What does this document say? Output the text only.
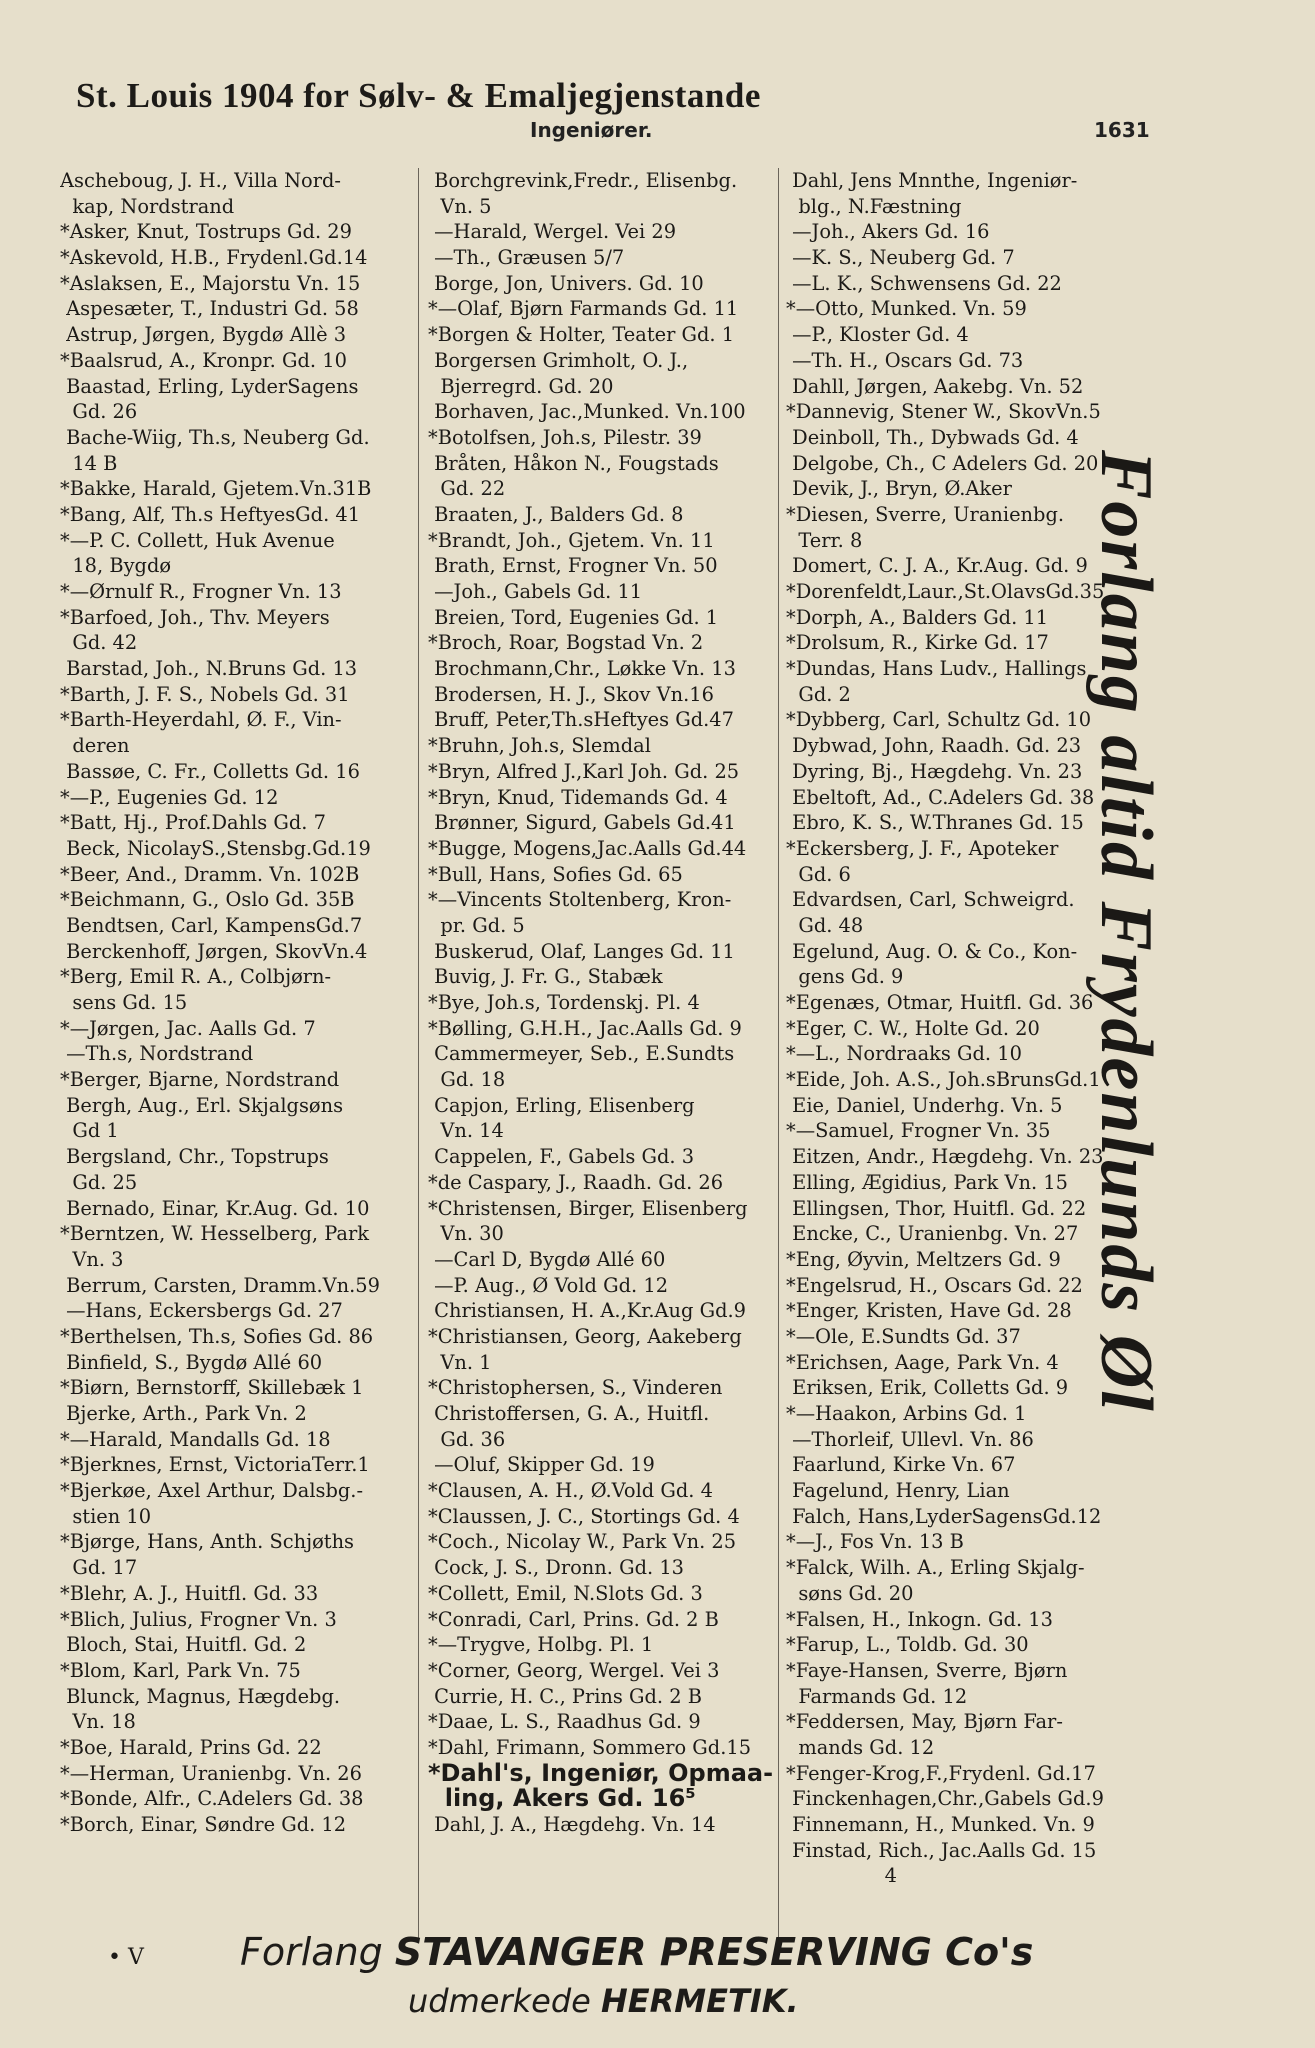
St. Louis 1904 for Sølv- & Emaljegjenstande
Ingeniører.	1631
Ascheboug, J. H., Villa Nord-
kap, Nordstrand
*Asker, Knut, Tostrups Gd. 29
*Askevold, H.B., Frydenl.Gd.14
*Aslaksen, E., Majorstu Vn. 15
Aspesæter, T., Industri Gd. 58
Astrup, Jørgen, Bygdø Allè 3
*Baalsrud, A., Kronpr. Gd. 10
Baastad, Erling, LyderSagens
Gd. 26
Bache-Wiig, Th.s, Neuberg Gd.
14 B
*Bakke, Harald, Gjetem.Vn.31B
*Bang, Alf, Th.s HeftyesGd. 41
*—P. C. Collett, Huk Avenue
18, Bygdø
*—Ørnulf R., Frogner Vn. 13
*Barfoed, Joh., Thv. Meyers
Gd. 42
Barstad, Joh., N.Bruns Gd. 13
*Barth, J. F. S., Nobels Gd. 31
*Barth-Heyerdahl, Ø. F., Vin-
deren
Bassøe, C. Fr., Colletts Gd. 16
*—P., Eugenies Gd. 12
*Batt, Hj., Prof.Dahls Gd. 7
Beck, NicolayS.,Stensbg.Gd.19
*Beer, And., Dramm. Vn. 102B
*Beichmann, G., Oslo Gd. 35B
Bendtsen, Carl, KampensGd.7
Berckenhoff, Jørgen, SkovVn.4
*Berg, Emil R. A., Colbjørn-
sens Gd. 15
*—Jørgen, Jac. Aalls Gd. 7
—Th.s, Nordstrand
*Berger, Bjarne, Nordstrand
Bergh, Aug., Erl. Skjalgsøns
Gd 1
Bergsland, Chr., Topstrups
Gd. 25
Bernado, Einar, Kr.Aug. Gd. 10
*Berntzen, W. Hesselberg, Park
Vn. 3
Berrum, Carsten, Dramm.Vn.59
—Hans, Eckersbergs Gd. 27
*Berthelsen, Th.s, Sofies Gd. 86
Binfield, S., Bygdø Allé 60
*Biørn, Bernstorff, Skillebæk 1
Bjerke, Arth., Park Vn. 2
*—Harald, Mandalls Gd. 18
*Bjerknes, Ernst, VictoriaTerr.1
*Bjerkøe, Axel Arthur, Dalsbg.-
stien 10
*Bjørge, Hans, Anth. Schjøths
Gd. 17
*Blehr, A. J., Huitfl. Gd. 33
*Blich, Julius, Frogner Vn. 3
Bloch, Stai, Huitfl. Gd. 2
*Blom, Karl, Park Vn. 75
Blunck, Magnus, Hægdebg.
Vn. 18
*Boe, Harald, Prins Gd. 22
*—Herman, Uranienbg. Vn. 26
*Bonde, Alfr., C.Adelers Gd. 38
*Borch, Einar, Søndre Gd. 12
Borchgrevink,Fredr., Elisenbg.
Vn. 5
—Harald, Wergel. Vei 29
—Th., Græusen 5/7
Borge, Jon, Univers. Gd. 10
*—Olaf, Bjørn Farmands Gd. 11
*Borgen & Holter, Teater Gd. 1
Borgersen Grimholt, O. J.,
Bjerregrd. Gd. 20
Borhaven, Jac.,Munked. Vn.100
*Botolfsen, Joh.s, Pilestr. 39
Bråten, Håkon N., Fougstads
Gd. 22
Braaten, J., Balders Gd. 8
*Brandt, Joh., Gjetem. Vn. 11
Brath, Ernst, Frogner Vn. 50
—Joh., Gabels Gd. 11
Breien, Tord, Eugenies Gd. 1
*Broch, Roar, Bogstad Vn. 2
Brochmann,Chr., Løkke Vn. 13
Brodersen, H. J., Skov Vn.16
Bruff, Peter,Th.sHeftyes Gd.47
*Bruhn, Joh.s, Slemdal
*Bryn, Alfred J.,Karl Joh. Gd. 25
*Bryn, Knud, Tidemands Gd. 4
Brønner, Sigurd, Gabels Gd.41
*Bugge, Mogens,Jac.Aalls Gd.44
*Bull, Hans, Sofies Gd. 65
*—Vincents Stoltenberg, Kron-
pr. Gd. 5
Buskerud, Olaf, Langes Gd. 11
Buvig, J. Fr. G., Stabæk
*Bye, Joh.s, Tordenskj. Pl. 4
*Bølling, G.H.H., Jac.Aalls Gd. 9
Cammermeyer, Seb., E.Sundts
Gd. 18
Capjon, Erling, Elisenberg
Vn. 14
Cappelen, F., Gabels Gd. 3
*de Caspary, J., Raadh. Gd. 26
*Christensen, Birger, Elisenberg
Vn. 30
—Carl D, Bygdø Allé 60
—P. Aug., Ø Vold Gd. 12
Christiansen, H. A.,Kr.Aug Gd.9
*Christiansen, Georg, Aakeberg
Vn. 1
*Christophersen, S., Vinderen
Christoffersen, G. A., Huitfl.
Gd. 36
—Oluf, Skipper Gd. 19
*Clausen, A. H., Ø.Vold Gd. 4
*Claussen, J. C., Stortings Gd. 4
*Coch., Nicolay W., Park Vn. 25
Cock, J. S., Dronn. Gd. 13
*Collett, Emil, N.Slots Gd. 3
*Conradi, Carl, Prins. Gd. 2 B
*—Trygve, Holbg. Pl. 1
*Corner, Georg, Wergel. Vei 3
Currie, H. C., Prins Gd. 2 B
*Daae, L. S., Raadhus Gd. 9
*Dahl, Frimann, Sommero Gd.15
*Dahl's, Ingeniør, Opmaa-
ling, Akers Gd. 16⁵
Dahl, J. A., Hægdehg. Vn. 14
Dahl, Jens Mnnthe, Ingeniør-
blg., N.Fæstning
—Joh., Akers Gd. 16
—K. S., Neuberg Gd. 7
—L. K., Schwensens Gd. 22
*—Otto, Munked. Vn. 59
—P., Kloster Gd. 4
—Th. H., Oscars Gd. 73
Dahll, Jørgen, Aakebg. Vn. 52
*Dannevig, Stener W., SkovVn.5
Deinboll, Th., Dybwads Gd. 4
Delgobe, Ch., C Adelers Gd. 20
Devik, J., Bryn, Ø.Aker
*Diesen, Sverre, Uranienbg.
Terr. 8
Domert, C. J. A., Kr.Aug. Gd. 9
*Dorenfeldt,Laur.,St.OlavsGd.35
*Dorph, A., Balders Gd. 11
*Drolsum, R., Kirke Gd. 17
*Dundas, Hans Ludv., Hallings
Gd. 2
*Dybberg, Carl, Schultz Gd. 10
Dybwad, John, Raadh. Gd. 23
Dyring, Bj., Hægdehg. Vn. 23
Ebeltoft, Ad., C.Adelers Gd. 38
Ebro, K. S., W.Thranes Gd. 15
*Eckersberg, J. F., Apoteker
Gd. 6
Edvardsen, Carl, Schweigrd.
Gd. 48
Egelund, Aug. O. & Co., Kon-
gens Gd. 9
*Egenæs, Otmar, Huitfl. Gd. 36
*Eger, C. W., Holte Gd. 20
*—L., Nordraaks Gd. 10
*Eide, Joh. A.S., Joh.sBrunsGd.1
Eie, Daniel, Underhg. Vn. 5
*—Samuel, Frogner Vn. 35
Eitzen, Andr., Hægdehg. Vn. 23
Elling, Ægidius, Park Vn. 15
Ellingsen, Thor, Huitfl. Gd. 22
Encke, C., Uranienbg. Vn. 27
*Eng, Øyvin, Meltzers Gd. 9
*Engelsrud, H., Oscars Gd. 22
*Enger, Kristen, Have Gd. 28
*—Ole, E.Sundts Gd. 37
*Erichsen, Aage, Park Vn. 4
Eriksen, Erik, Colletts Gd. 9
*—Haakon, Arbins Gd. 1
—Thorleif, Ullevl. Vn. 86
Faarlund, Kirke Vn. 67
Fagelund, Henry, Lian
Falch, Hans,LyderSagensGd.12
*—J., Fos Vn. 13 B
*Falck, Wilh. A., Erling Skjalg-
søns Gd. 20
*Falsen, H., Inkogn. Gd. 13
*Farup, L., Toldb. Gd. 30
*Faye-Hansen, Sverre, Bjørn
Farmands Gd. 12
*Feddersen, May, Bjørn Far-
mands Gd. 12
*Fenger-Krog,F.,Frydenl. Gd.17
Finckenhagen,Chr.,Gabels Gd.9
Finnemann, H., Munked. Vn. 9
Finstad, Rich., Jac.Aalls Gd. 15
4
Forlang altid Frydenlunds Øl
• V	Forlang STAVANGER PRESERVING Co's
udmerkede HERMETIK.
